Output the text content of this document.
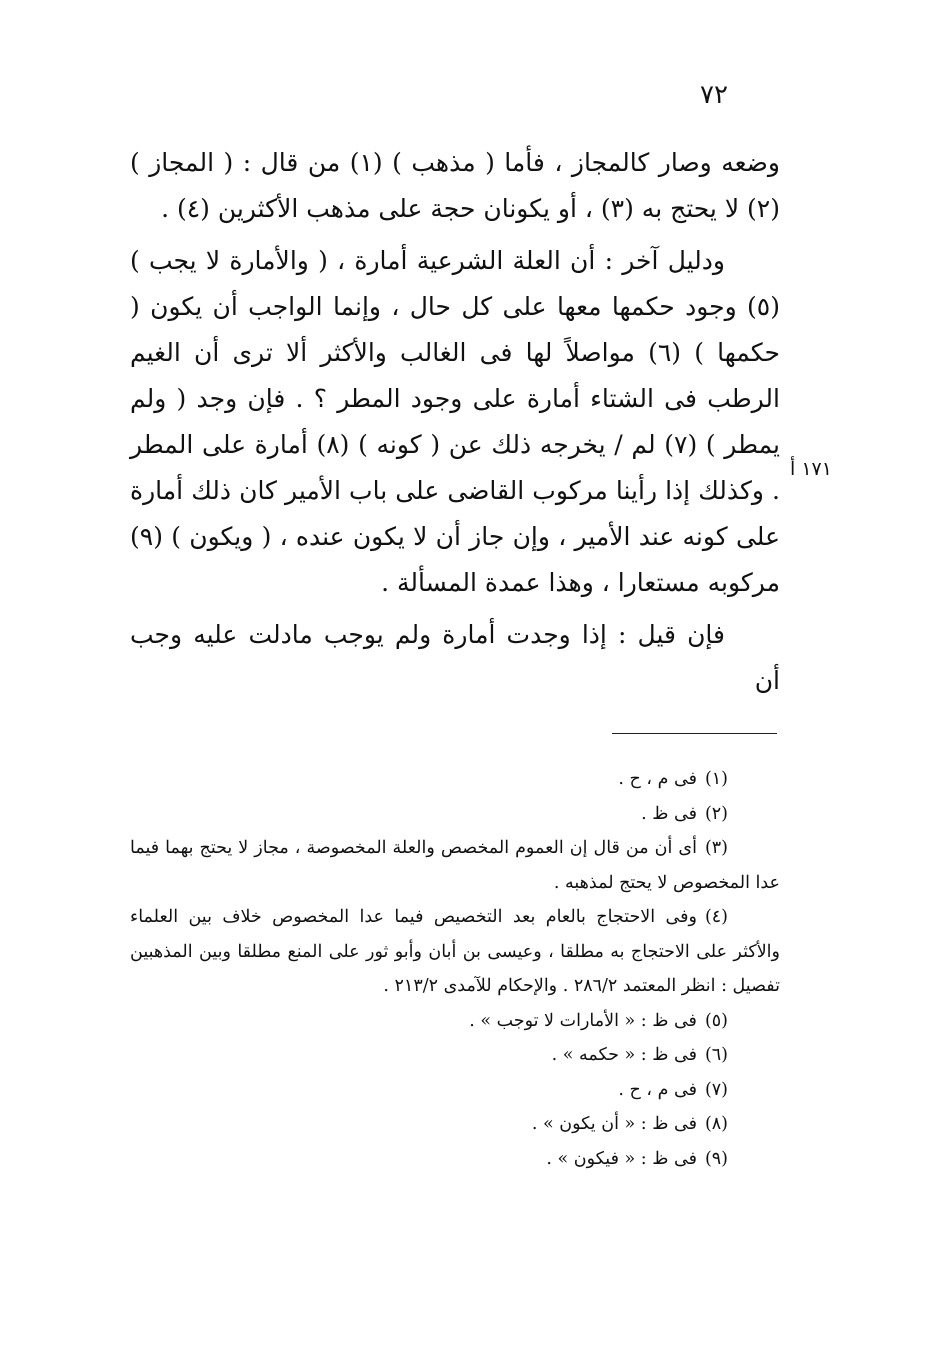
٧٢

وضعه وصار كالمجاز ، فأما ( مذهب ) (١) من قال : ( المجاز ) (٢) لا يحتج به (٣) ، أو يكونان حجة على مذهب الأكثرين (٤) .

ودليل آخر : أن العلة الشرعية أمارة ، ( والأمارة لا يجب ) (٥) وجود حكمها معها على كل حال ، وإنما الواجب أن يكون ( حكمها ) (٦) مواصلاً لها فى الغالب والأكثر ألا ترى أن الغيم الرطب فى الشتاء أمارة على وجود المطر ؟ . فإن وجد ( ولم يمطر ) (٧) لم / يخرجه ذلك عن ( كونه ) (٨) أمارة على المطر . وكذلك إذا رأينا مركوب القاضى على باب الأمير كان ذلك أمارة على كونه عند الأمير ، وإن جاز أن لا يكون عنده ، ( ويكون ) (٩) مركوبه مستعارا ، وهذا عمدة المسألة .

فإن قيل : إذا وجدت أمارة ولم يوجب مادلت عليه وجب أن

١٧١ أ
(١)فى م ، ح .
(٢)فى ظ .
(٣)أى أن من قال إن العموم المخصص والعلة المخصوصة ، مجاز لا يحتج بهما فيما عدا المخصوص لا يحتج لمذهبه .
(٤)وفى الاحتجاج بالعام بعد التخصيص فيما عدا المخصوص خلاف بين العلماء والأكثر على الاحتجاج به مطلقا ، وعيسى بن أبان وأبو ثور على المنع مطلقا وبين المذهبين تفصيل : انظر المعتمد ٢٨٦/٢ . والإحكام للآمدى ٢١٣/٢ .
(٥)فى ظ : « الأمارات لا توجب » .
(٦)فى ظ : « حكمه » .
(٧)فى م ، ح .
(٨)فى ظ : « أن يكون » .
(٩)فى ظ : « فيكون » .
